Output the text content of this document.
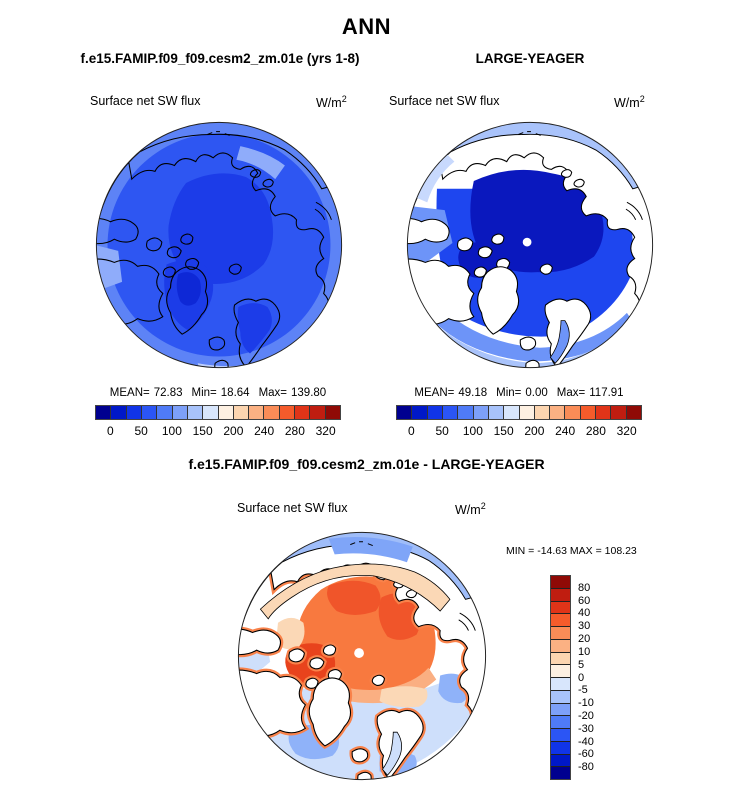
ANN
f.e15.FAMIP.f09_f09.cesm2_zm.01e (yrs 1-8)	LARGE-YEAGER
Surface net SW flux	$W/m^2$	Surface net SW flux	$W/m^2$
MEAN= 72.83 Min= 18.64 Max= 139.80	MEAN= 49.18 Min= 0.00 Max= 117.91
0 50 100 150 200 240 280 320	0 50 100 150 200 240 280 320
f.e15.FAMIP.f09_f09.cesm2_zm.01e - LARGE-YEAGER
Surface net SW flux	$W/m^2$
MIN = -14.63 MAX = 108.23
80
60
40
30
20
10
5
0
-5
-10
-20
-30
-40
-60
-80
